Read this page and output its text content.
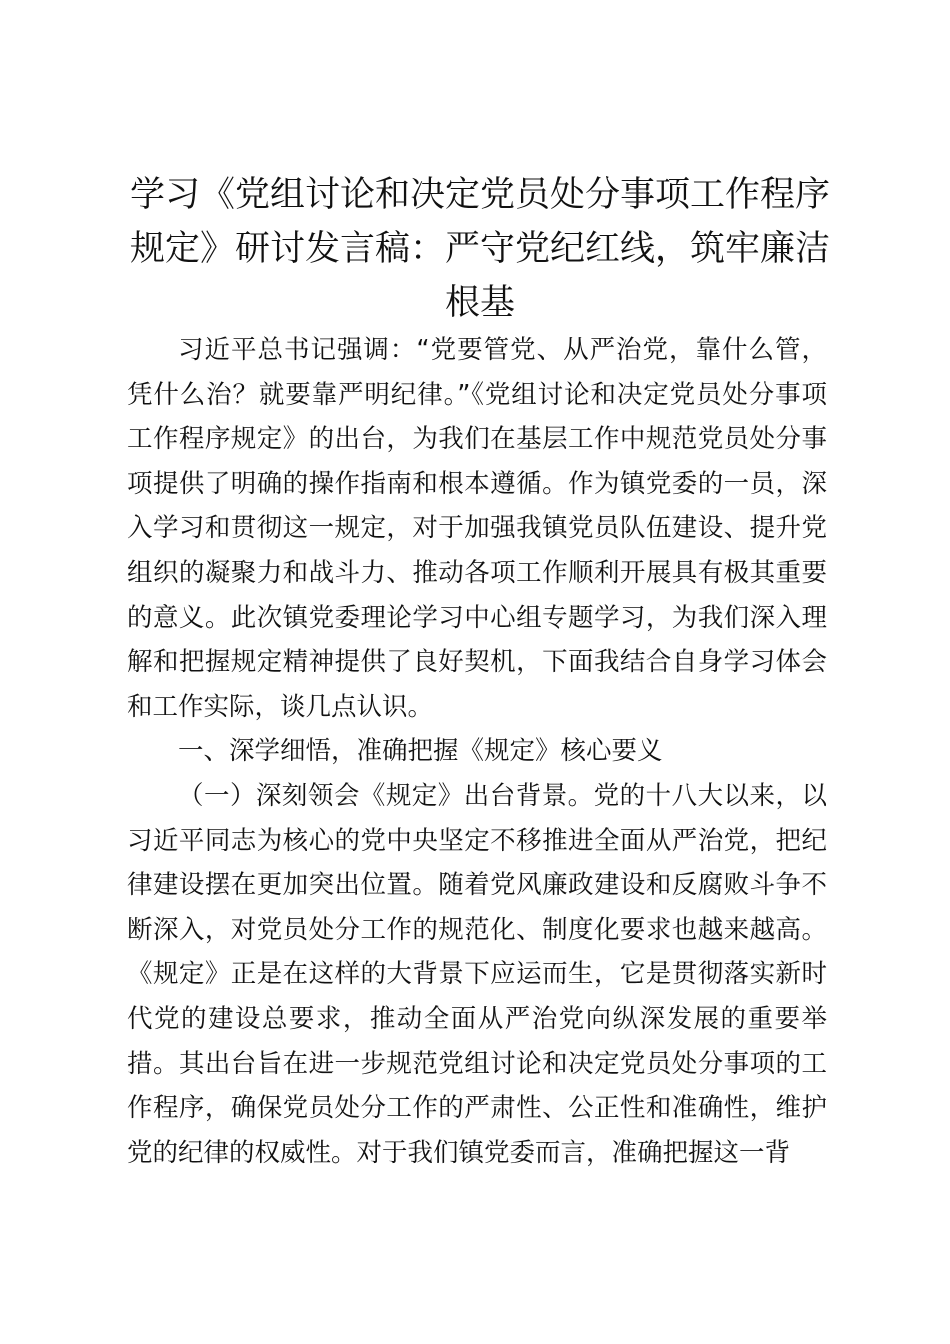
学习《党组讨论和决定党员处分事项工作程序规定》研讨发言稿：严守党纪红线，筑牢廉洁根基

习近平总书记强调：“党要管党、从严治党，靠什么管，凭什么治？就要靠严明纪律。”《党组讨论和决定党员处分事项工作程序规定》的出台，为我们在基层工作中规范党员处分事项提供了明确的操作指南和根本遵循。作为镇党委的一员，深入学习和贯彻这一规定，对于加强我镇党员队伍建设、提升党组织的凝聚力和战斗力、推动各项工作顺利开展具有极其重要的意义。此次镇党委理论学习中心组专题学习，为我们深入理解和把握规定精神提供了良好契机，下面我结合自身学习体会和工作实际，谈几点认识。

一、深学细悟，准确把握《规定》核心要义

（一）深刻领会《规定》出台背景。党的十八大以来，以习近平同志为核心的党中央坚定不移推进全面从严治党，把纪律建设摆在更加突出位置。随着党风廉政建设和反腐败斗争不断深入，对党员处分工作的规范化、制度化要求也越来越高。《规定》正是在这样的大背景下应运而生，它是贯彻落实新时代党的建设总要求，推动全面从严治党向纵深发展的重要举措。其出台旨在进一步规范党组讨论和决定党员处分事项的工作程序，确保党员处分工作的严肃性、公正性和准确性，维护党的纪律的权威性。对于我们镇党委而言，准确把握这一背
